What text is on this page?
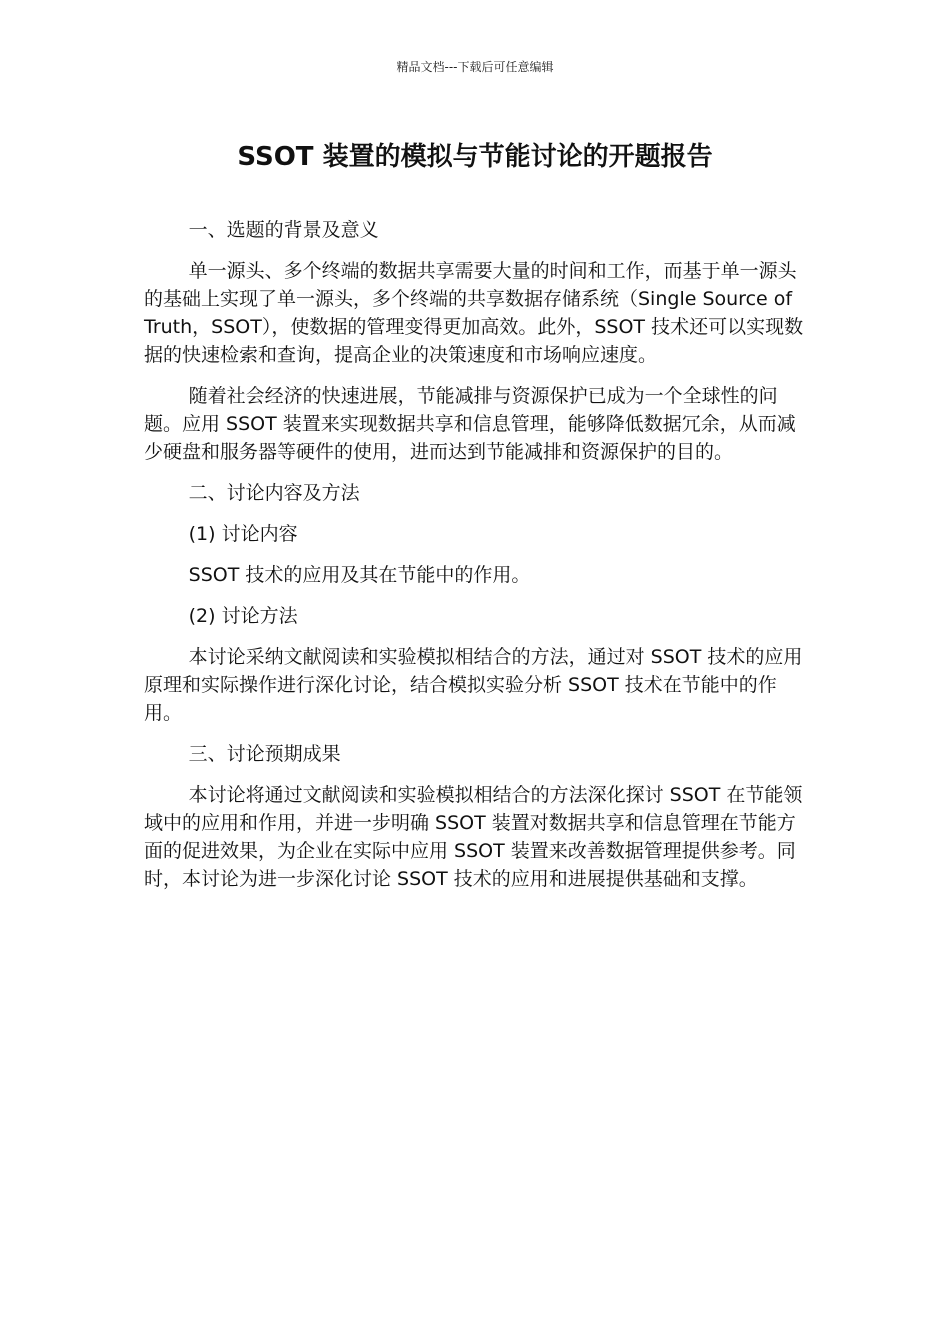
精品文档---下载后可任意编辑
SSOT 装置的模拟与节能讨论的开题报告

一、选题的背景及意义

单一源头、多个终端的数据共享需要大量的时间和工作，而基于单一源头的基础上实现了单一源头，多个终端的共享数据存储系统（Single Source of Truth，SSOT），使数据的管理变得更加高效。此外，SSOT 技术还可以实现数据的快速检索和查询，提高企业的决策速度和市场响应速度。

随着社会经济的快速进展，节能减排与资源保护已成为一个全球性的问题。应用 SSOT 装置来实现数据共享和信息管理，能够降低数据冗余，从而减少硬盘和服务器等硬件的使用，进而达到节能减排和资源保护的目的。

二、讨论内容及方法

(1) 讨论内容

SSOT 技术的应用及其在节能中的作用。

(2) 讨论方法

本讨论采纳文献阅读和实验模拟相结合的方法，通过对 SSOT 技术的应用原理和实际操作进行深化讨论，结合模拟实验分析 SSOT 技术在节能中的作用。

三、讨论预期成果

本讨论将通过文献阅读和实验模拟相结合的方法深化探讨 SSOT 在节能领域中的应用和作用，并进一步明确 SSOT 装置对数据共享和信息管理在节能方面的促进效果，为企业在实际中应用 SSOT 装置来改善数据管理提供参考。同时，本讨论为进一步深化讨论 SSOT 技术的应用和进展提供基础和支撑。
